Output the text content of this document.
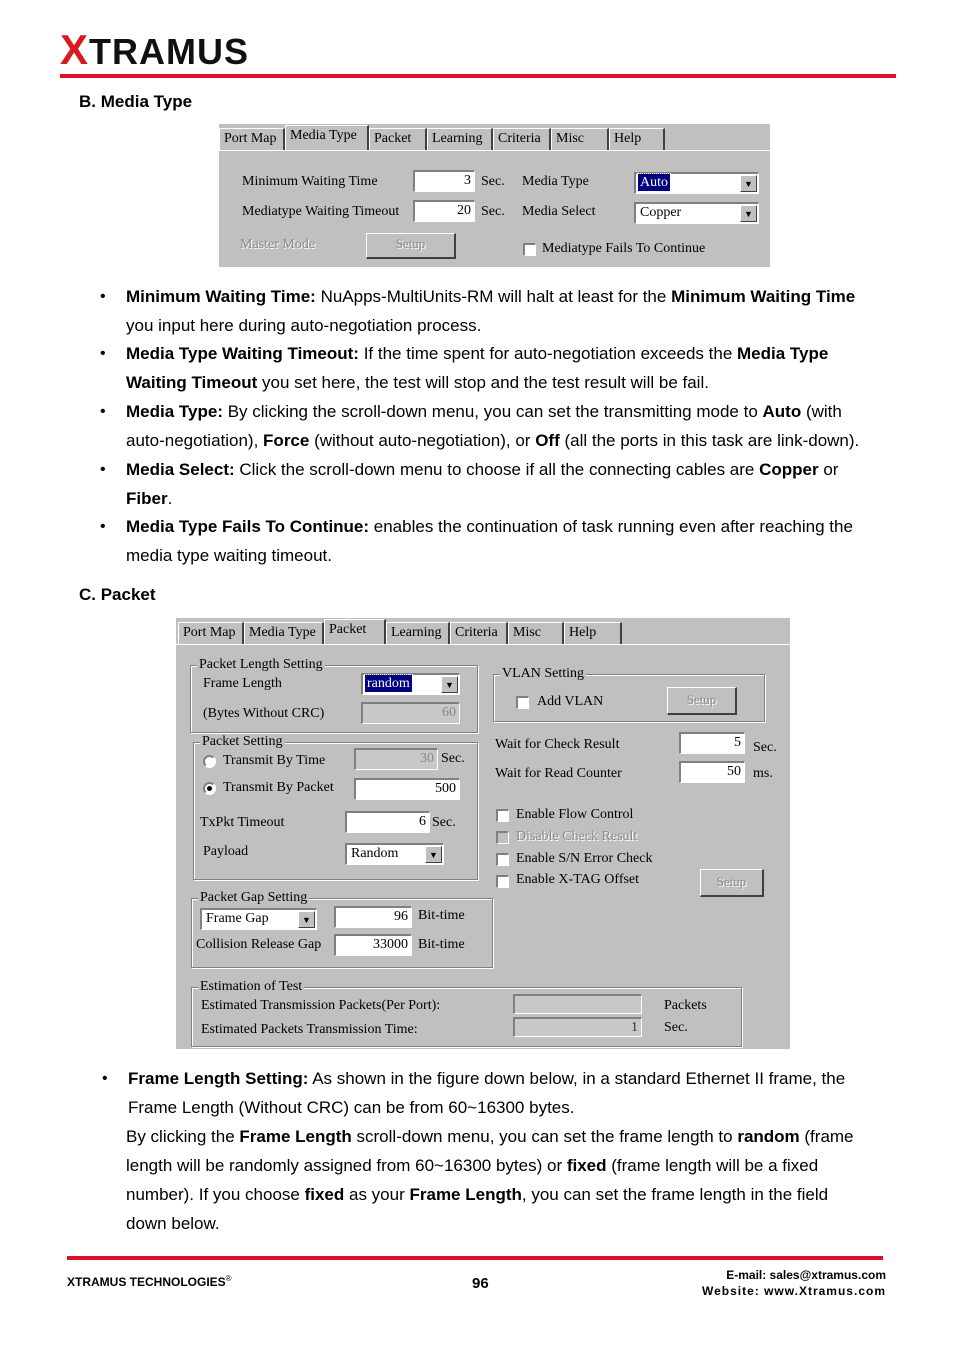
XTRAMUS
B. Media Type
Port Map Media Type	Packet	Learning	Criteria	Misc	Help
Minimum Waiting Time	3 Sec.
Mediatype Waiting Timeout	20 Sec.
Media Type	Auto	▼
Media Select	Copper	▼
Master Mode	Setup	Mediatype Fails To Continue
• Minimum Waiting Time: NuApps-MultiUnits-RM will halt at least for the Minimum Waiting Time
you input here during auto-negotiation process.
• Media Type Waiting Timeout: If the time spent for auto-negotiation exceeds the Media Type
Waiting Timeout you set here, the test will stop and the test result will be fail.
• Media Type: By clicking the scroll-down menu, you can set the transmitting mode to Auto (with
auto-negotiation), Force (without auto-negotiation), or Off (all the ports in this task are link-down).
• Media Select: Click the scroll-down menu to choose if all the connecting cables are Copper or
Fiber.
• Media Type Fails To Continue: enables the continuation of task running even after reaching the
media type waiting timeout.
C. Packet
Port Map Media Type Packet	Learning Criteria	Misc	Help
Packet Length Setting
Frame Length	random	▼
(Bytes Without CRC)	60
Packet Setting
Transmit By Time	30 Sec.
Transmit By Packet	500
TxPkt Timeout	6 Sec.
Payload	Random	▼
Packet Gap Setting
Frame Gap	▼	96 Bit-time
Collision Release Gap	33000 Bit-time
VLAN Setting
Add VLAN	Setup
Wait for Check Result	5 Sec.
Wait for Read Counter	50 ms.
Enable Flow Control
Disable Check Result
Enable S/N Error Check
Enable X-TAG Offset	Setup
Estimation of Test
Estimated Transmission Packets(Per Port):	Packets
Estimated Packets Transmission Time:	1 Sec.
• Frame Length Setting: As shown in the figure down below, in a standard Ethernet II frame, the
Frame Length (Without CRC) can be from 60~16300 bytes.
By clicking the Frame Length scroll-down menu, you can set the frame length to random (frame
length will be randomly assigned from 60~16300 bytes) or fixed (frame length will be a fixed
number). If you choose fixed as your Frame Length, you can set the frame length in the field
down below.
XTRAMUS TECHNOLOGIES®	96	E-mail: sales@xtramus.com
Website: www.Xtramus.com
